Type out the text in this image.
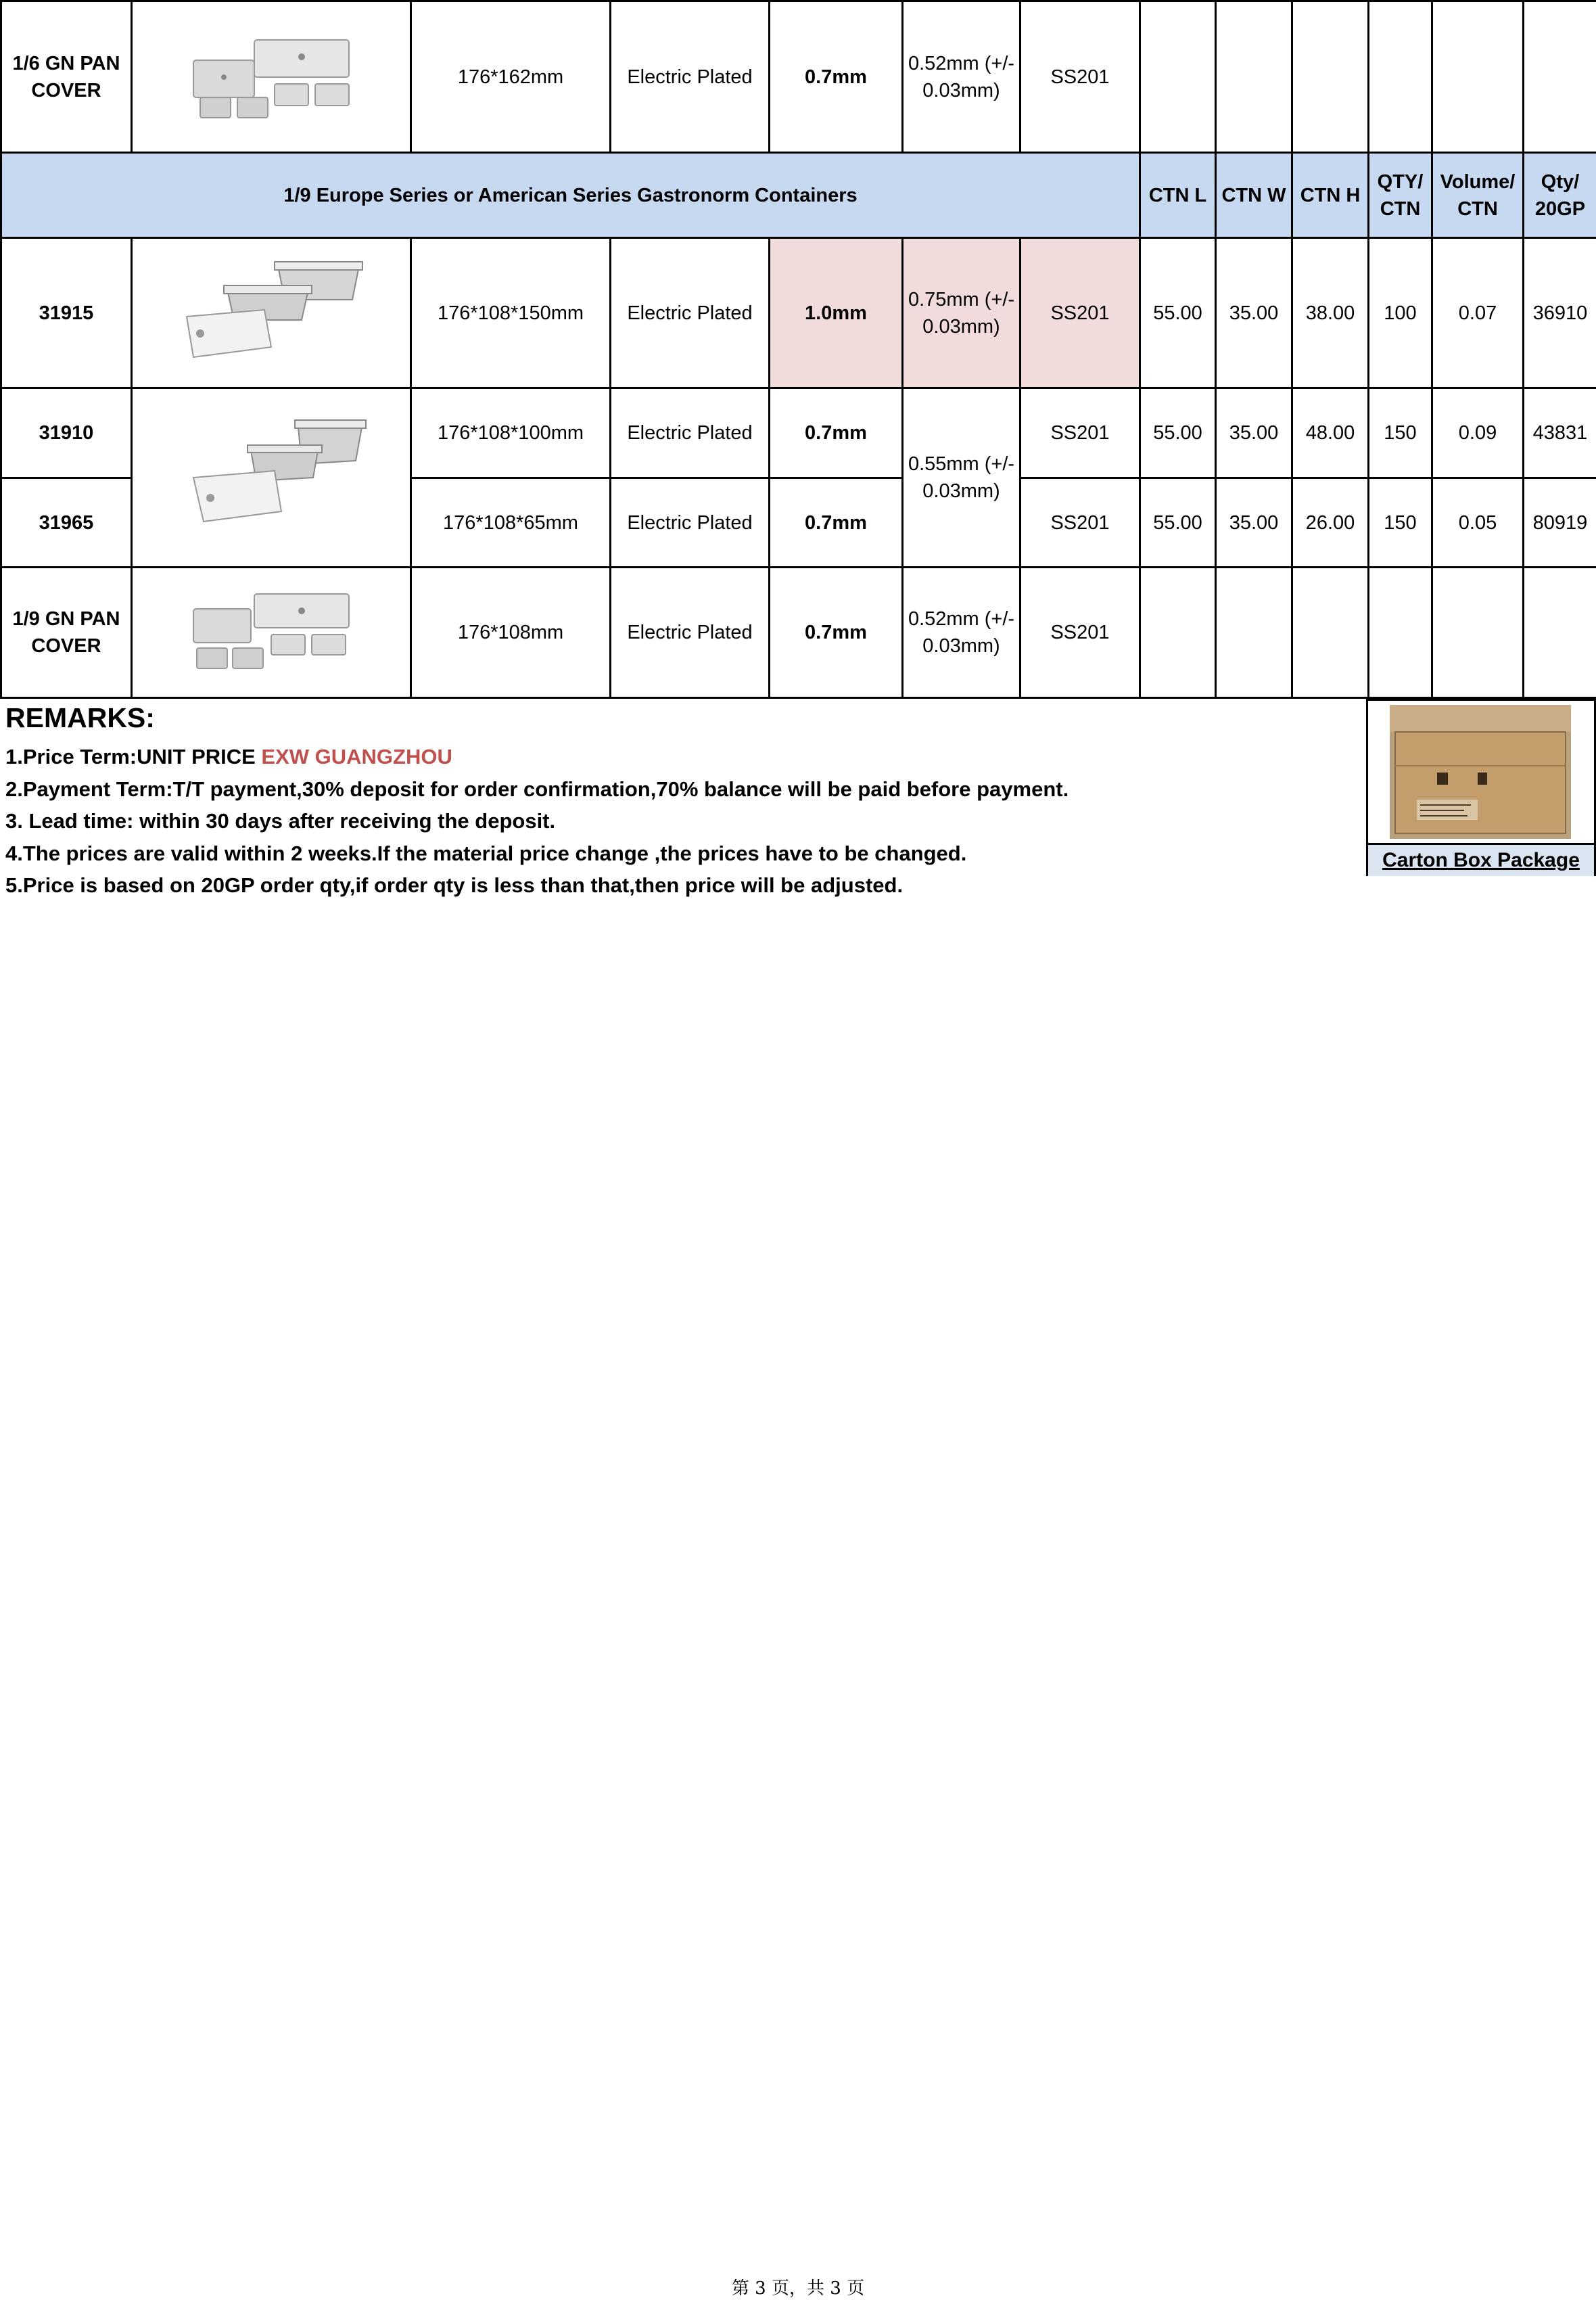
1/6 GN PAN COVER		176*162mm	Electric Plated	0.7mm	0.52mm (+/- 0.03mm)	SS201						
1/9 Europe Series or American Series Gastronorm Containers							CTN L	CTN W	CTN H	QTY/ CTN	Volume/ CTN	Qty/ 20GP
31915		176*108*150mm	Electric Plated	1.0mm	0.75mm (+/- 0.03mm)	SS201	55.00	35.00	38.00	100	0.07	36910
31910		176*108*100mm	Electric Plated	0.7mm	0.55mm (+/- 0.03mm)	SS201	55.00	35.00	48.00	150	0.09	43831
31965		176*108*65mm	Electric Plated	0.7mm		SS201	55.00	35.00	26.00	150	0.05	80919
1/9 GN PAN COVER		176*108mm	Electric Plated	0.7mm	0.52mm (+/- 0.03mm)	SS201						
REMARKS:
1.Price Term:UNIT PRICE EXW GUANGZHOU
2.Payment Term:T/T payment,30% deposit for order confirmation,70% balance will be paid before payment.
3. Lead time: within 30 days after receiving the deposit.
4.The prices are valid within 2 weeks.If the material price change ,the prices have to be changed.
5.Price is based on 20GP order qty,if order qty is less than that,then price will be adjusted.
Carton Box Package
第 3 页，共 3 页
